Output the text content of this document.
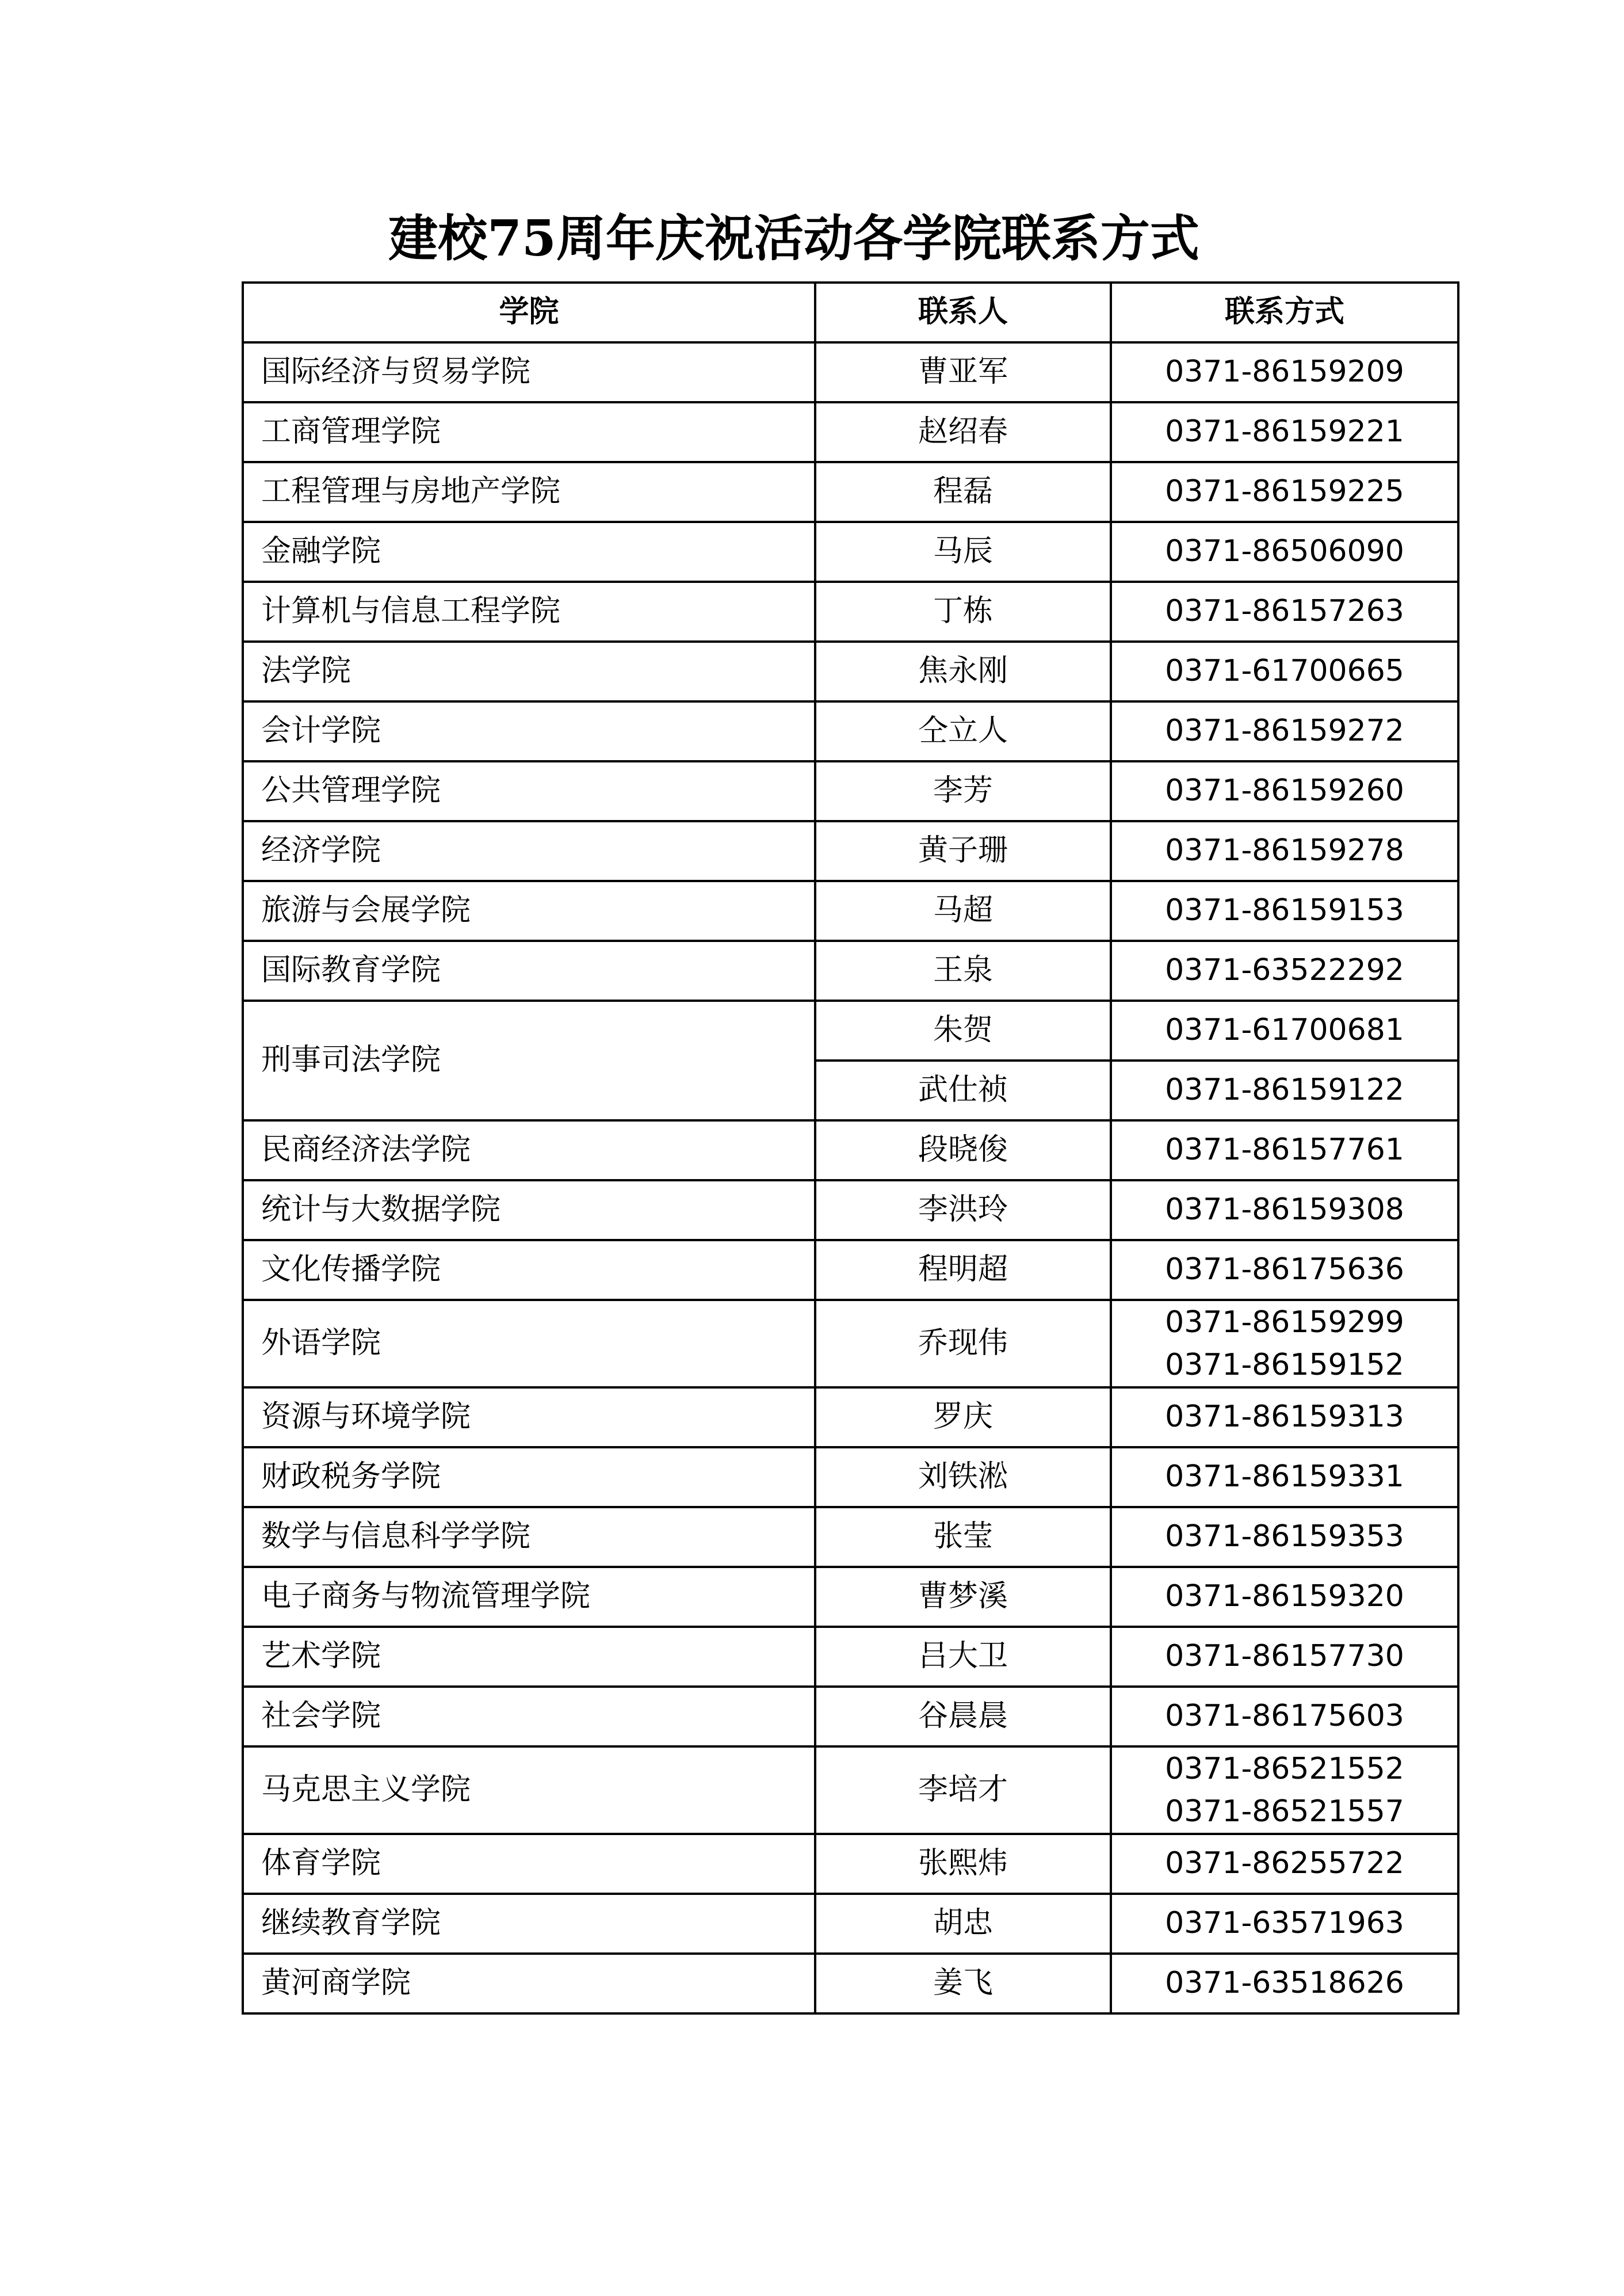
建校75周年庆祝活动各学院联系方式
学院	联系人	联系方式
国际经济与贸易学院	曹亚军	0371-86159209
工商管理学院	赵绍春	0371-86159221
工程管理与房地产学院	程磊	0371-86159225
金融学院	马辰	0371-86506090
计算机与信息工程学院	丁栋	0371-86157263
法学院	焦永刚	0371-61700665
会计学院	仝立人	0371-86159272
公共管理学院	李芳	0371-86159260
经济学院	黄子珊	0371-86159278
旅游与会展学院	马超	0371-86159153
国际教育学院	王泉	0371-63522292
刑事司法学院	朱贺	0371-61700681
	武仕祯	0371-86159122
民商经济法学院	段晓俊	0371-86157761
统计与大数据学院	李洪玲	0371-86159308
文化传播学院	程明超	0371-86175636
外语学院	乔现伟	0371-86159299
0371-86159152

资源与环境学院	罗庆	0371-86159313
财政税务学院	刘铁淞	0371-86159331
数学与信息科学学院	张莹	0371-86159353
电子商务与物流管理学院	曹梦溪	0371-86159320
艺术学院	吕大卫	0371-86157730
社会学院	谷晨晨	0371-86175603
马克思主义学院	李培才	0371-86521552
0371-86521557

体育学院	张熙炜	0371-86255722
继续教育学院	胡忠	0371-63571963
黄河商学院	姜飞	0371-63518626
